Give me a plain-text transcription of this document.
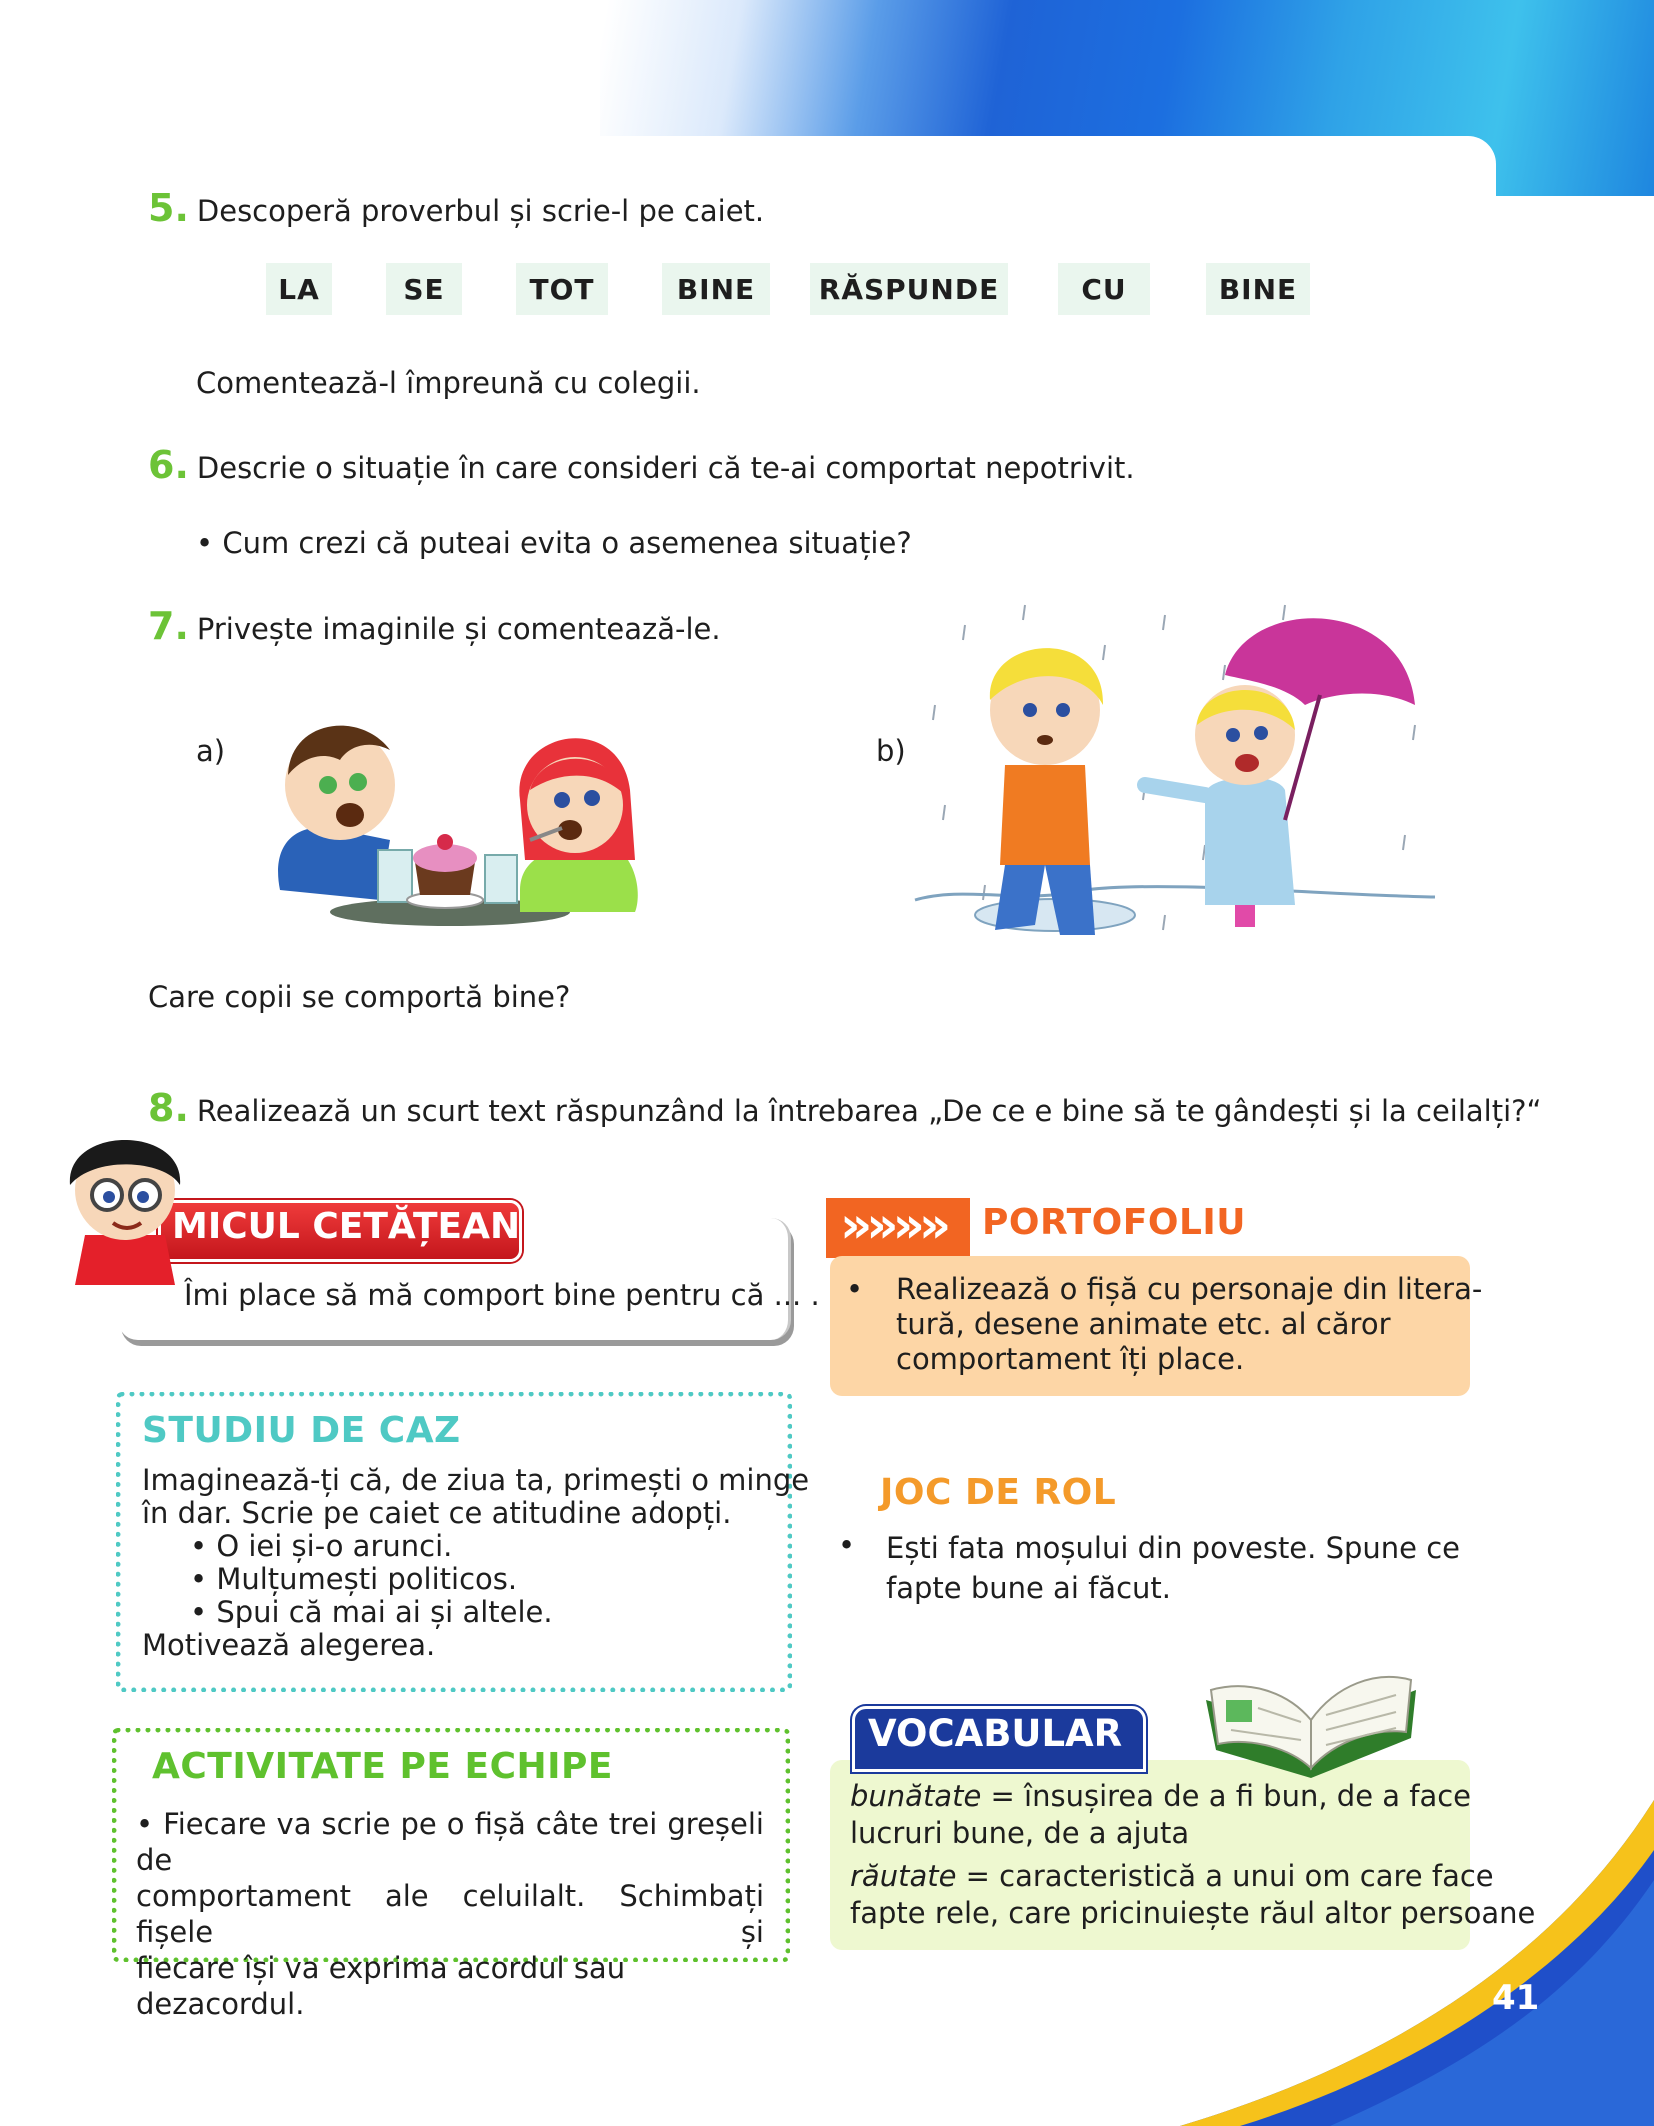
41
5. Descoperă proverbul și scrie-l pe caiet.
LA	SE	TOT	BINE	RĂSPUNDE	CU	BINE
Comentează-l împreună cu colegii.
6. Descrie o situație în care consideri că te-ai comportat nepotrivit.
• Cum crezi că puteai evita o asemenea situație?
7. Privește imaginile și comentează-le.
a)	b)
Care copii se comportă bine?
8. Realizează un scurt text răspunzând la întrebarea „De ce e bine să te gândești și la ceilalți?“
MICUL CETĂȚEAN
Îmi place să mă comport bine pentru că ... .
»»»» PORTOFOLIU
• Realizează o fișă cu personaje din litera-
tură, desene animate etc. al căror
comportament îți place.
STUDIU DE CAZ
Imaginează-ți că, de ziua ta, primești o minge
în dar. Scrie pe caiet ce atitudine adopți.
• O iei și-o arunci.
• Mulțumești politicos.
• Spui că mai ai și altele.
Motivează alegerea.
JOC DE ROL
• Ești fata moșului din poveste. Spune ce
fapte bune ai făcut.
ACTIVITATE PE ECHIPE
• Fiecare va scrie pe o fișă câte trei greșeli de
comportament ale celuilalt. Schimbați fișele și
fiecare își va exprima acordul sau dezacordul.
VOCABULAR
bunătate = însușirea de a fi bun, de a face
lucruri bune, de a ajuta
răutate = caracteristică a unui om care face
fapte rele, care pricinuiește răul altor persoane
